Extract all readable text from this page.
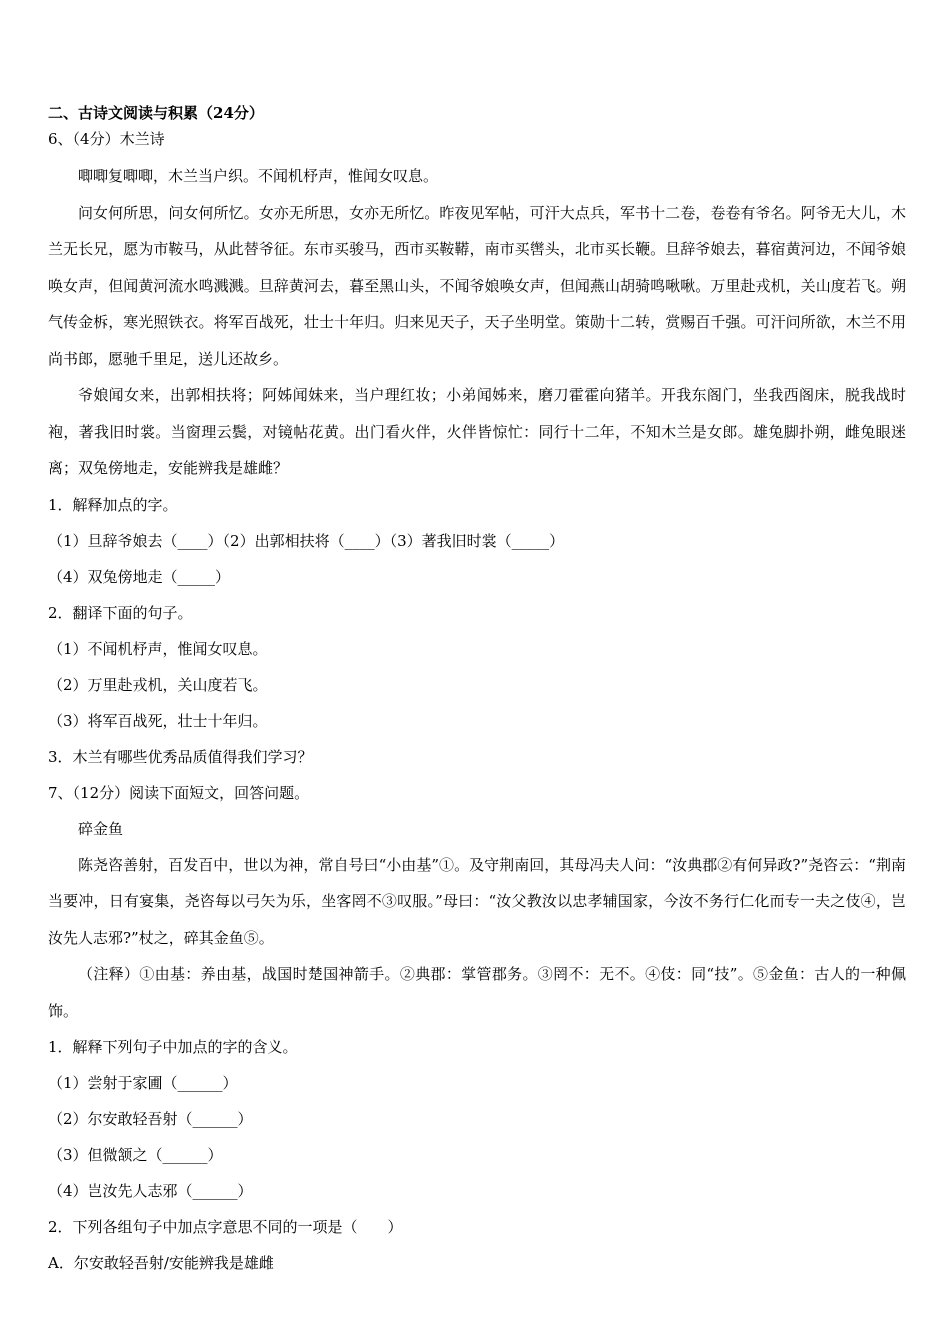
二、古诗文阅读与积累（24分）
6、（4分）木兰诗
唧唧复唧唧，木兰当户织。不闻机杼声，惟闻女叹息。
问女何所思，问女何所忆。女亦无所思，女亦无所忆。昨夜见军帖，可汗大点兵，军书十二卷，卷卷有爷名。阿爷无大儿，木兰无长兄，愿为市鞍马，从此替爷征。东市买骏马，西市买鞍鞯，南市买辔头，北市买长鞭。旦辞爷娘去，暮宿黄河边，不闻爷娘唤女声，但闻黄河流水鸣溅溅。旦辞黄河去，暮至黑山头，不闻爷娘唤女声，但闻燕山胡骑鸣啾啾。万里赴戎机，关山度若飞。朔气传金柝，寒光照铁衣。将军百战死，壮士十年归。归来见天子，天子坐明堂。策勋十二转，赏赐百千强。可汗问所欲，木兰不用尚书郎，愿驰千里足，送儿还故乡。
爷娘闻女来，出郭相扶将；阿姊闻妹来，当户理红妆；小弟闻姊来，磨刀霍霍向猪羊。开我东阁门，坐我西阁床，脱我战时袍，著我旧时裳。当窗理云鬓，对镜帖花黄。出门看火伴，火伴皆惊忙：同行十二年，不知木兰是女郎。雄兔脚扑朔，雌兔眼迷离；双兔傍地走，安能辨我是雄雌？
1．解释加点的字。
（1）旦辞爷娘去（____）（2）出郭相扶将（____）（3）著我旧时裳（_____）
（4）双兔傍地走（_____）
2．翻译下面的句子。
（1）不闻机杼声，惟闻女叹息。
（2）万里赴戎机，关山度若飞。
（3）将军百战死，壮士十年归。
3．木兰有哪些优秀品质值得我们学习？
7、（12分）阅读下面短文，回答问题。
碎金鱼
陈尧咨善射，百发百中，世以为神，常自号曰“小由基”①。及守荆南回，其母冯夫人问：“汝典郡②有何异政?”尧咨云：“荆南当要冲，日有宴集，尧咨每以弓矢为乐，坐客罔不③叹服。”母曰：“汝父教汝以忠孝辅国家，今汝不务行仁化而专一夫之伎④，岂汝先人志邪?”杖之，碎其金鱼⑤。
（注释）①由基：养由基，战国时楚国神箭手。②典郡：掌管郡务。③罔不：无不。④伎：同“技”。⑤金鱼：古人的一种佩饰。
1．解释下列句子中加点的字的含义。
（1）尝射于家圃（______）
（2）尔安敢轻吾射（______）
（3）但微颔之（______）
（4）岂汝先人志邪（______）
2．下列各组句子中加点字意思不同的一项是（　　）
A．尔安敢轻吾射/安能辨我是雄雌
